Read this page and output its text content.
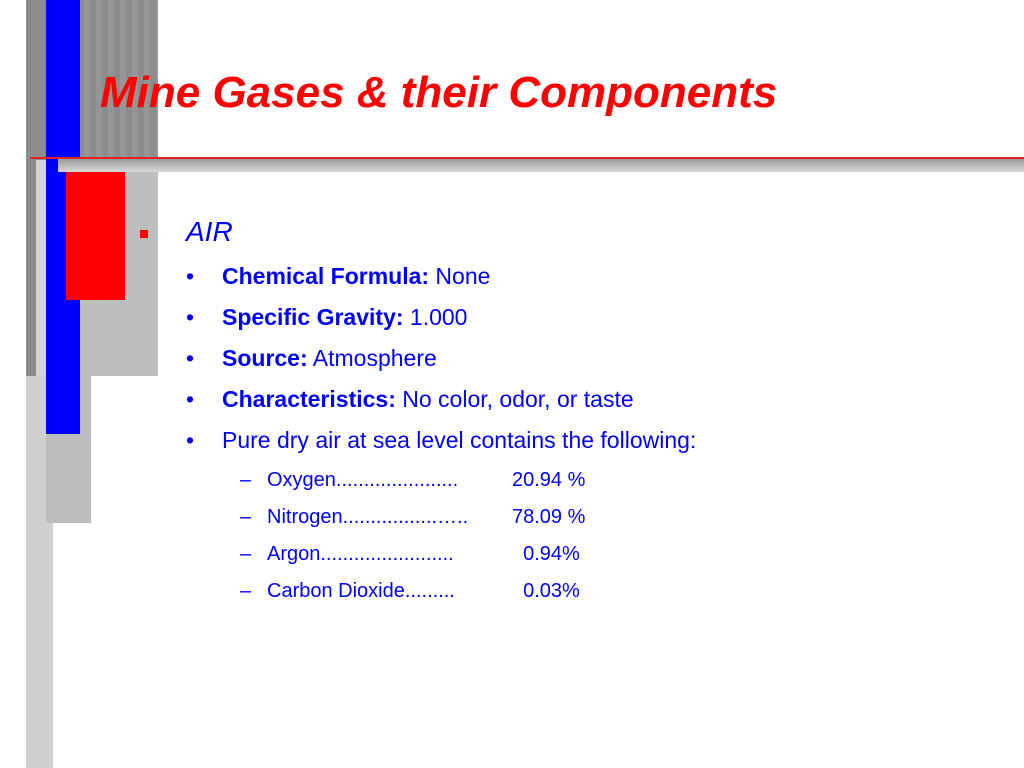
Mine Gases & their Components
AIR
•	Chemical Formula: None
•	Specific Gravity: 1.000
•	Source: Atmosphere
•	Characteristics: No color, odor, or taste
•	Pure dry air at sea level contains the following:
– Oxygen......................	20.94 %
– Nitrogen.................…..	78.09 %
– Argon........................	0.94%
– Carbon Dioxide.........	0.03%
